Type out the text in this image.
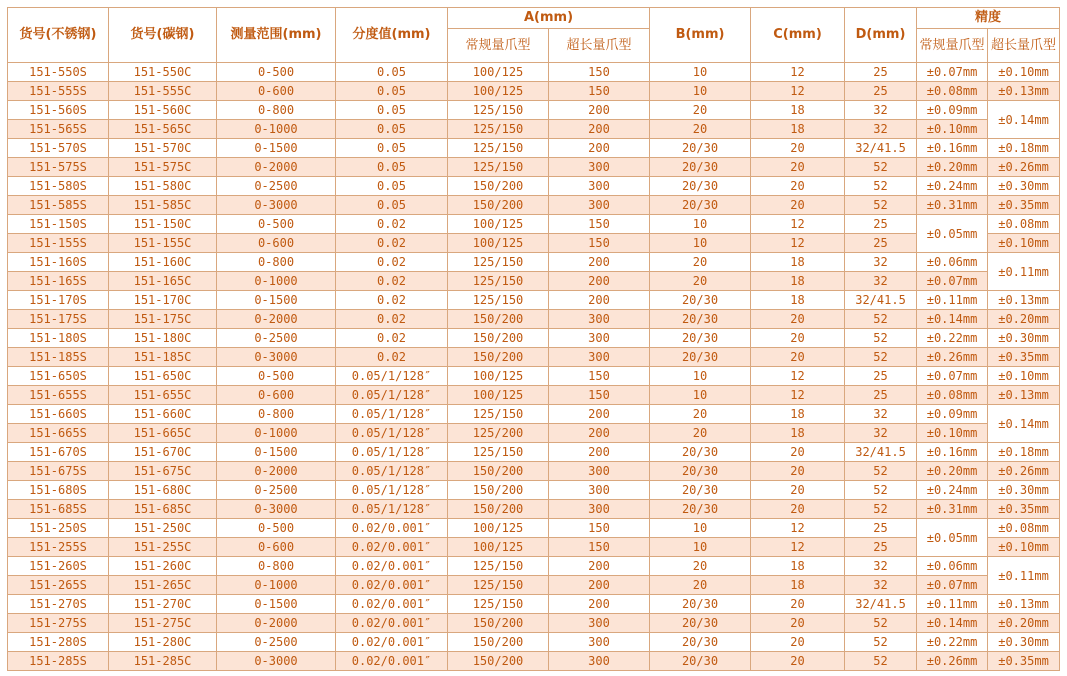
货号(不锈钢)	货号(碳钢)	测量范围(mm)	分度值(mm)	A(mm)		B(mm)	C(mm)	D(mm)	精度	
				常规量爪型	超长量爪型				常规量爪型	超长量爪型
151-550S	151-550C	0-500	0.05	100/125	150	10	12	25	±0.07mm	±0.10mm
151-555S	151-555C	0-600	0.05	100/125	150	10	12	25	±0.08mm	±0.13mm
151-560S	151-560C	0-800	0.05	125/150	200	20	18	32	±0.09mm	±0.14mm
151-565S	151-565C	0-1000	0.05	125/150	200	20	18	32	±0.10mm	
151-570S	151-570C	0-1500	0.05	125/150	200	20/30	20	32/41.5	±0.16mm	±0.18mm
151-575S	151-575C	0-2000	0.05	125/150	300	20/30	20	52	±0.20mm	±0.26mm
151-580S	151-580C	0-2500	0.05	150/200	300	20/30	20	52	±0.24mm	±0.30mm
151-585S	151-585C	0-3000	0.05	150/200	300	20/30	20	52	±0.31mm	±0.35mm
151-150S	151-150C	0-500	0.02	100/125	150	10	12	25	±0.05mm	±0.08mm
151-155S	151-155C	0-600	0.02	100/125	150	10	12	25		±0.10mm
151-160S	151-160C	0-800	0.02	125/150	200	20	18	32	±0.06mm	±0.11mm
151-165S	151-165C	0-1000	0.02	125/150	200	20	18	32	±0.07mm	
151-170S	151-170C	0-1500	0.02	125/150	200	20/30	18	32/41.5	±0.11mm	±0.13mm
151-175S	151-175C	0-2000	0.02	150/200	300	20/30	20	52	±0.14mm	±0.20mm
151-180S	151-180C	0-2500	0.02	150/200	300	20/30	20	52	±0.22mm	±0.30mm
151-185S	151-185C	0-3000	0.02	150/200	300	20/30	20	52	±0.26mm	±0.35mm
151-650S	151-650C	0-500	0.05/1/128″	100/125	150	10	12	25	±0.07mm	±0.10mm
151-655S	151-655C	0-600	0.05/1/128″	100/125	150	10	12	25	±0.08mm	±0.13mm
151-660S	151-660C	0-800	0.05/1/128″	125/150	200	20	18	32	±0.09mm	±0.14mm
151-665S	151-665C	0-1000	0.05/1/128″	125/200	200	20	18	32	±0.10mm	
151-670S	151-670C	0-1500	0.05/1/128″	125/150	200	20/30	20	32/41.5	±0.16mm	±0.18mm
151-675S	151-675C	0-2000	0.05/1/128″	150/200	300	20/30	20	52	±0.20mm	±0.26mm
151-680S	151-680C	0-2500	0.05/1/128″	150/200	300	20/30	20	52	±0.24mm	±0.30mm
151-685S	151-685C	0-3000	0.05/1/128″	150/200	300	20/30	20	52	±0.31mm	±0.35mm
151-250S	151-250C	0-500	0.02/0.001″	100/125	150	10	12	25	±0.05mm	±0.08mm
151-255S	151-255C	0-600	0.02/0.001″	100/125	150	10	12	25		±0.10mm
151-260S	151-260C	0-800	0.02/0.001″	125/150	200	20	18	32	±0.06mm	±0.11mm
151-265S	151-265C	0-1000	0.02/0.001″	125/150	200	20	18	32	±0.07mm	
151-270S	151-270C	0-1500	0.02/0.001″	125/150	200	20/30	20	32/41.5	±0.11mm	±0.13mm
151-275S	151-275C	0-2000	0.02/0.001″	150/200	300	20/30	20	52	±0.14mm	±0.20mm
151-280S	151-280C	0-2500	0.02/0.001″	150/200	300	20/30	20	52	±0.22mm	±0.30mm
151-285S	151-285C	0-3000	0.02/0.001″	150/200	300	20/30	20	52	±0.26mm	±0.35mm
